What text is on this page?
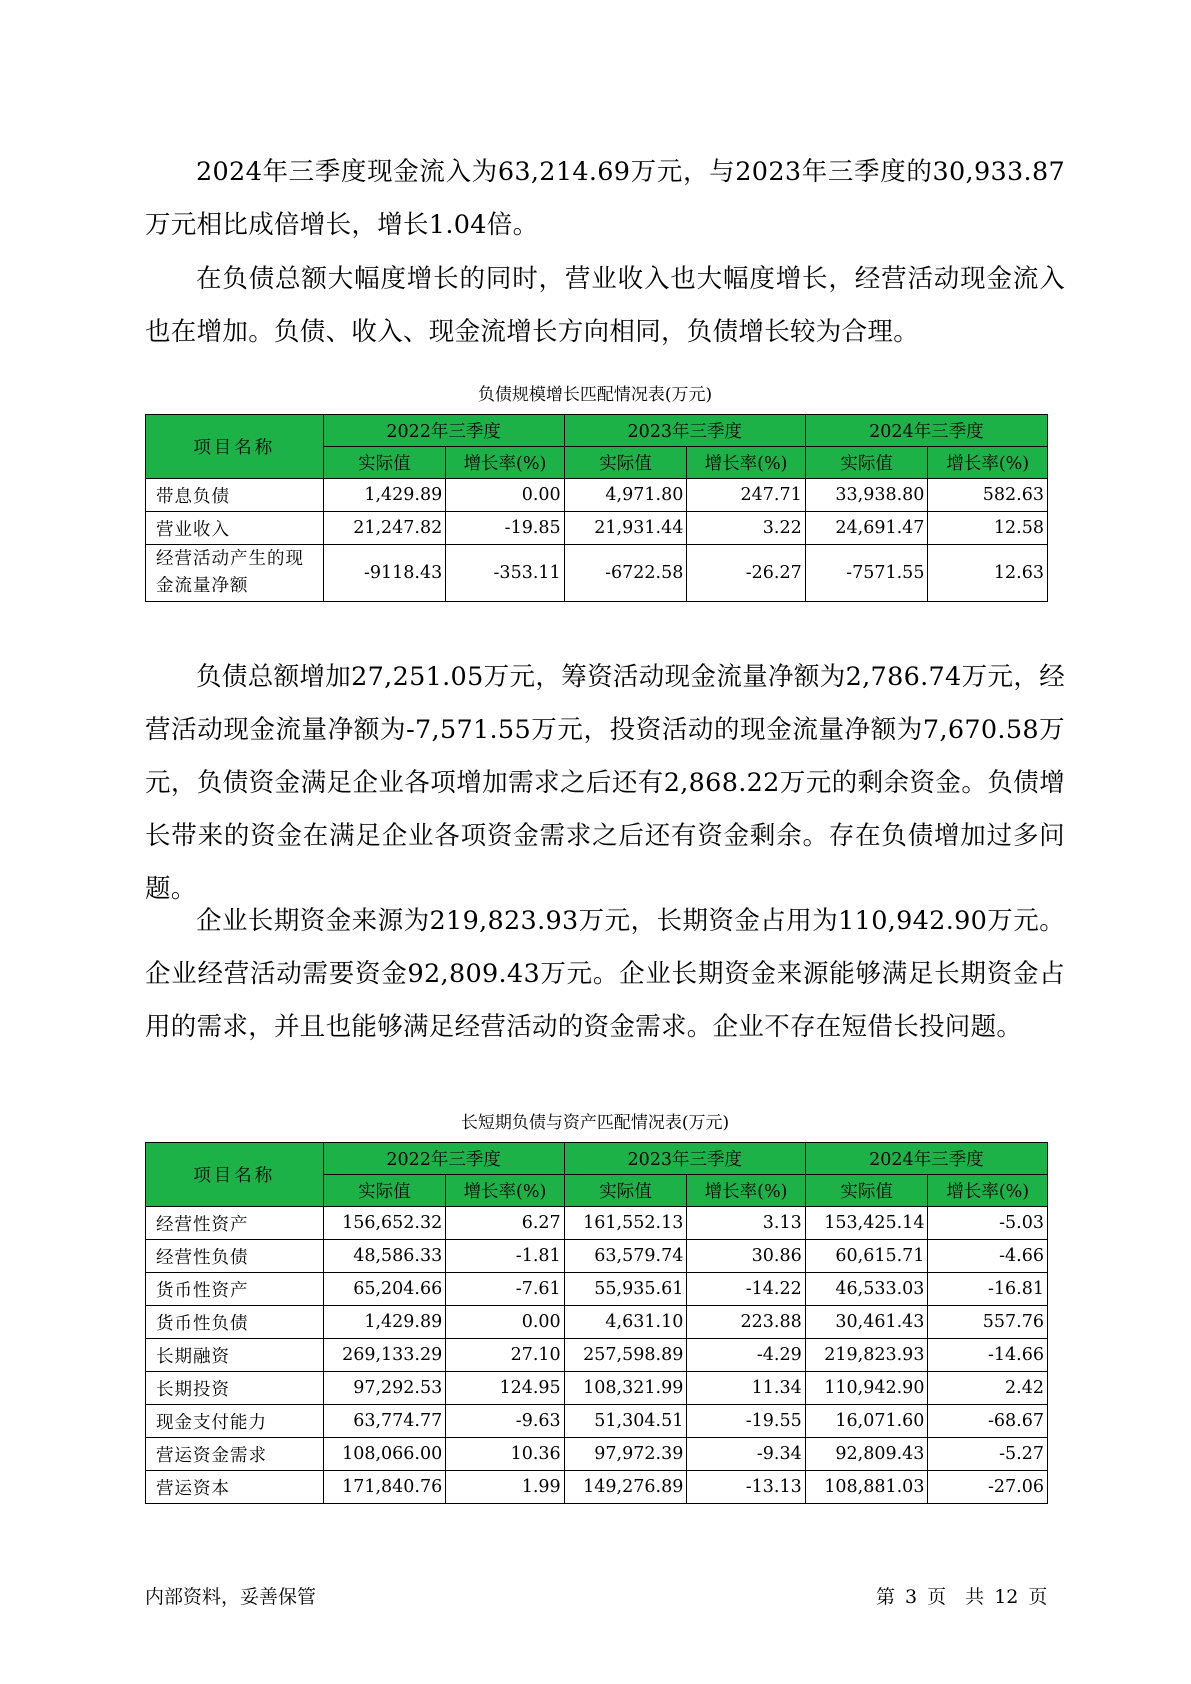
2024年三季度现金流入为63,214.69万元，与2023年三季度的30,933.87万元相比成倍增长，增长1.04倍。

在负债总额大幅度增长的同时，营业收入也大幅度增长，经营活动现金流入也在增加。负债、收入、现金流增长方向相同，负债增长较为合理。

负债规模增长匹配情况表(万元)
项目名称	2022年三季度		2023年三季度		2024年三季度	
	实际值	增长率(%)	实际值	增长率(%)	实际值	增长率(%)
带息负债	1,429.89	0.00	4,971.80	247.71	33,938.80	582.63
营业收入	21,247.82	-19.85	21,931.44	3.22	24,691.47	12.58
经营活动产生的现金流量净额	-9118.43	-353.11	-6722.58	-26.27	-7571.55	12.63

负债总额增加27,251.05万元，筹资活动现金流量净额为2,786.74万元，经营活动现金流量净额为-7,571.55万元，投资活动的现金流量净额为7,670.58万元，负债资金满足企业各项增加需求之后还有2,868.22万元的剩余资金。负债增长带来的资金在满足企业各项资金需求之后还有资金剩余。存在负债增加过多问题。

企业长期资金来源为219,823.93万元，长期资金占用为110,942.90万元。企业经营活动需要资金92,809.43万元。企业长期资金来源能够满足长期资金占用的需求，并且也能够满足经营活动的资金需求。企业不存在短借长投问题。

长短期负债与资产匹配情况表(万元)
项目名称	2022年三季度		2023年三季度		2024年三季度	
	实际值	增长率(%)	实际值	增长率(%)	实际值	增长率(%)
经营性资产	156,652.32	6.27	161,552.13	3.13	153,425.14	-5.03
经营性负债	48,586.33	-1.81	63,579.74	30.86	60,615.71	-4.66
货币性资产	65,204.66	-7.61	55,935.61	-14.22	46,533.03	-16.81
货币性负债	1,429.89	0.00	4,631.10	223.88	30,461.43	557.76
长期融资	269,133.29	27.10	257,598.89	-4.29	219,823.93	-14.66
长期投资	97,292.53	124.95	108,321.99	11.34	110,942.90	2.42
现金支付能力	63,774.77	-9.63	51,304.51	-19.55	16,071.60	-68.67
营运资金需求	108,066.00	10.36	97,972.39	-9.34	92,809.43	-5.27
营运资本	171,840.76	1.99	149,276.89	-13.13	108,881.03	-27.06
内部资料，妥善保管	第 3 页　共 12 页
